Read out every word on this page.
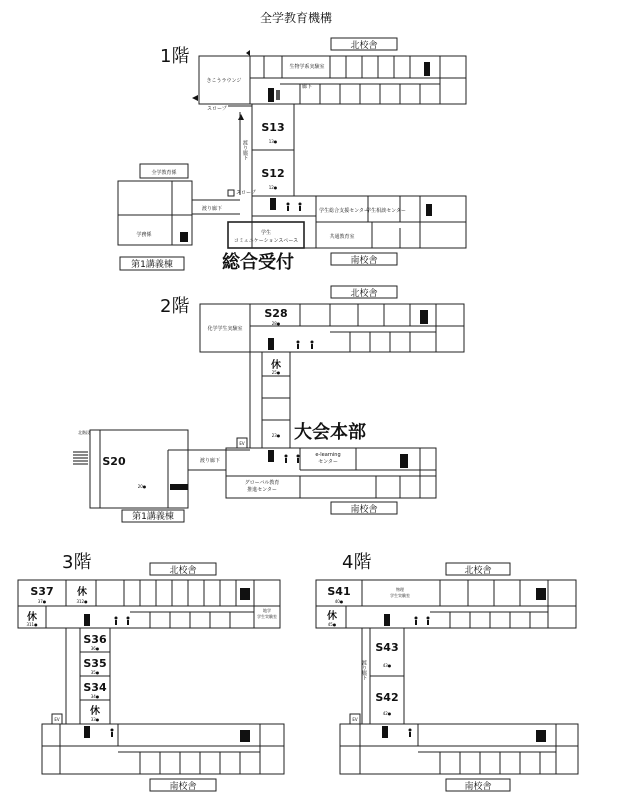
全学教育機構
1階	北校舎
きこうラウンジ
生物学系実験室
廊下
スロープ
S13
13●
S12
12●
渡り廊下
学生総合支援センター
学生相談センター
共通教育室
学生
コミュニケーションスペース
スロープ
全学教育係
学務係
渡り廊下
第1講義棟	総合受付	南校舎
2階
北校舎
化学学生実験室
S28
28●
休
25●
23● 大会本部
e-learning
センター
グローバル教育
推進センター
EV
北階段
S20
20●
渡り廊下
第1講義棟
南校舎
3階	北校舎
S37
37●
休
312●
休
311●
地学
学生実験室
S36
36●
S35
35●
S34
34●
休
33●
EV
南校舎
4階	北校舎
S41
40●
物理
学生実験室
休
45●
S43
43●
S42
42●
渡り廊下
EV
南校舎
